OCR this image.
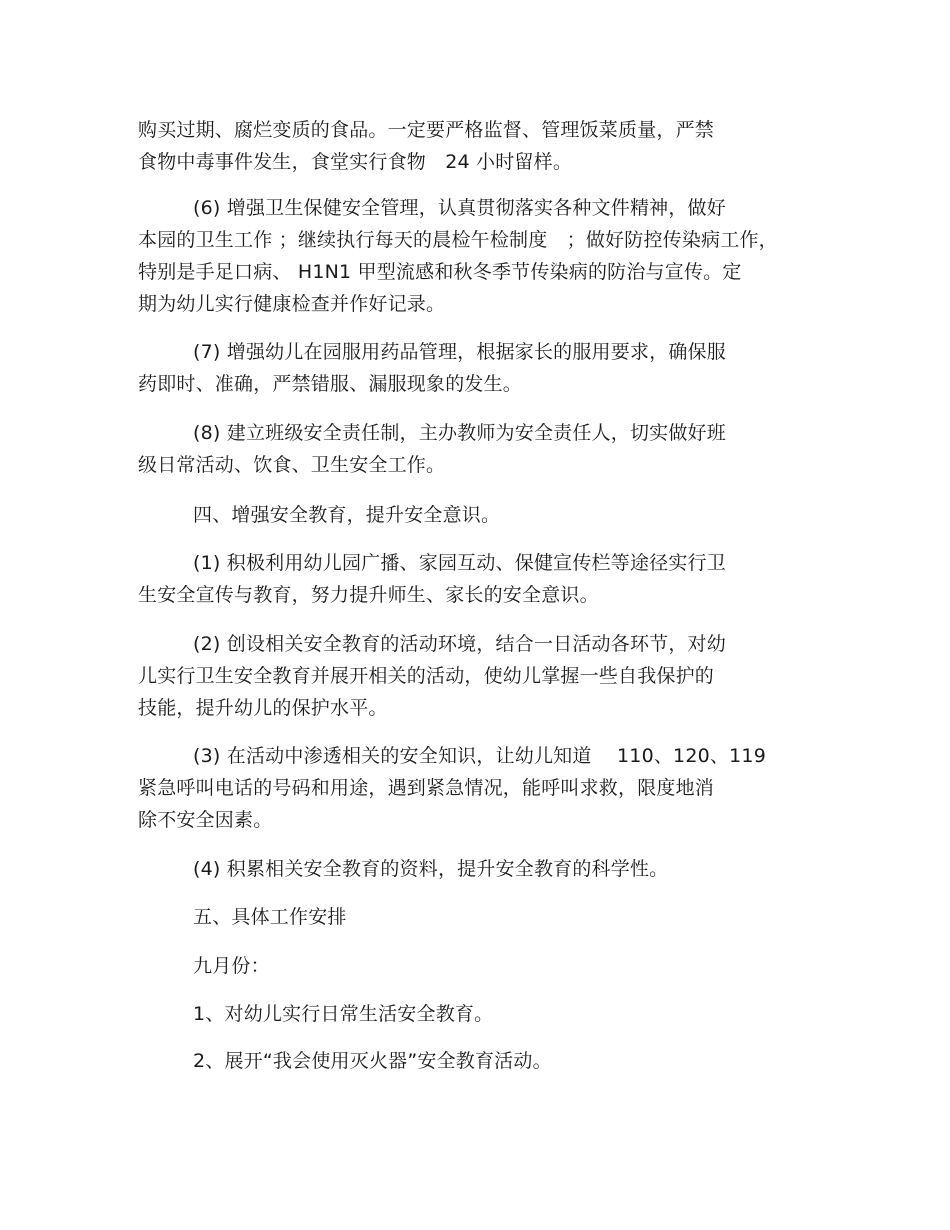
购买过期、腐烂变质的食品。一定要严格监督、管理饭菜质量，严禁
食物中毒事件发生，食堂实行食物　24 小时留样。
(6) 增强卫生保健安全管理，认真贯彻落实各种文件精神，做好
本园的卫生工作 ；继续执行每天的晨检午检制度　；做好防控传染病工作，
特别是手足口病、 H1N1 甲型流感和秋冬季节传染病的防治与宣传。定
期为幼儿实行健康检查并作好记录。
(7) 增强幼儿在园服用药品管理，根据家长的服用要求，确保服
药即时、准确，严禁错服、漏服现象的发生。
(8) 建立班级安全责任制，主办教师为安全责任人，切实做好班
级日常活动、饮食、卫生安全工作。
四、增强安全教育，提升安全意识。
(1) 积极利用幼儿园广播、家园互动、保健宣传栏等途径实行卫
生安全宣传与教育，努力提升师生、家长的安全意识。
(2) 创设相关安全教育的活动环境，结合一日活动各环节，对幼
儿实行卫生安全教育并展开相关的活动，使幼儿掌握一些自我保护的
技能，提升幼儿的保护水平。
(3) 在活动中渗透相关的安全知识，让幼儿知道　 110、120、119
紧急呼叫电话的号码和用途，遇到紧急情况，能呼叫求救，限度地消
除不安全因素。
(4) 积累相关安全教育的资料，提升安全教育的科学性。
五、具体工作安排
九月份：
1、对幼儿实行日常生活安全教育。
2、展开“我会使用灭火器”安全教育活动。
